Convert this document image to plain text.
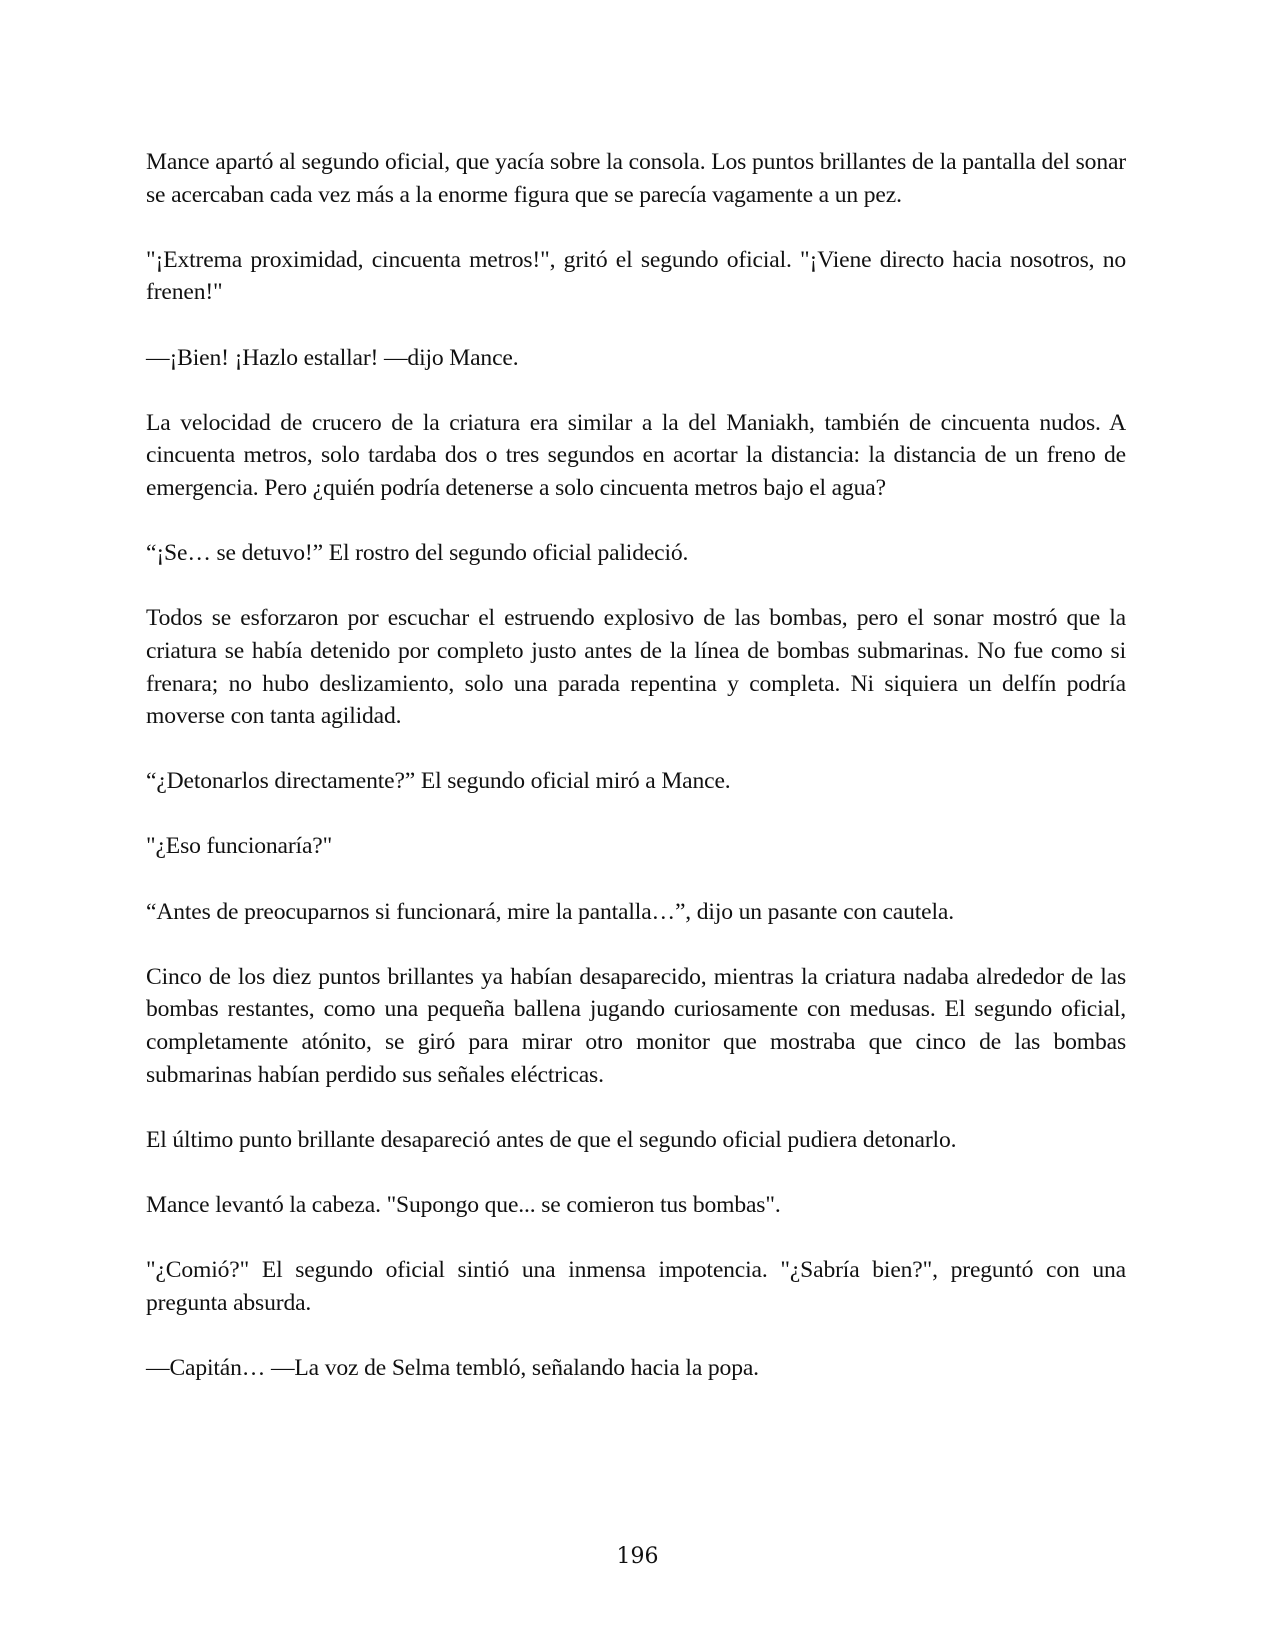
Mance apartó al segundo oficial, que yacía sobre la consola. Los puntos brillantes de la pantalla del sonar se acercaban cada vez más a la enorme figura que se parecía vagamente a un pez.

"¡Extrema proximidad, cincuenta metros!", gritó el segundo oficial. "¡Viene directo hacia nosotros, no frenen!"

—¡Bien! ¡Hazlo estallar! —dijo Mance.

La velocidad de crucero de la criatura era similar a la del Maniakh, también de cincuenta nudos. A cincuenta metros, solo tardaba dos o tres segundos en acortar la distancia: la distancia de un freno de emergencia. Pero ¿quién podría detenerse a solo cincuenta metros bajo el agua?

“¡Se… se detuvo!” El rostro del segundo oficial palideció.

Todos se esforzaron por escuchar el estruendo explosivo de las bombas, pero el sonar mostró que la criatura se había detenido por completo justo antes de la línea de bombas submarinas. No fue como si frenara; no hubo deslizamiento, solo una parada repentina y completa. Ni siquiera un delfín podría moverse con tanta agilidad.

“¿Detonarlos directamente?” El segundo oficial miró a Mance.

"¿Eso funcionaría?"

“Antes de preocuparnos si funcionará, mire la pantalla…”, dijo un pasante con cautela.

Cinco de los diez puntos brillantes ya habían desaparecido, mientras la criatura nadaba alrededor de las bombas restantes, como una pequeña ballena jugando curiosamente con medusas. El segundo oficial, completamente atónito, se giró para mirar otro monitor que mostraba que cinco de las bombas submarinas habían perdido sus señales eléctricas.

El último punto brillante desapareció antes de que el segundo oficial pudiera detonarlo.

Mance levantó la cabeza. "Supongo que... se comieron tus bombas".

"¿Comió?" El segundo oficial sintió una inmensa impotencia. "¿Sabría bien?", preguntó con una pregunta absurda.

—Capitán… —La voz de Selma tembló, señalando hacia la popa.

196
